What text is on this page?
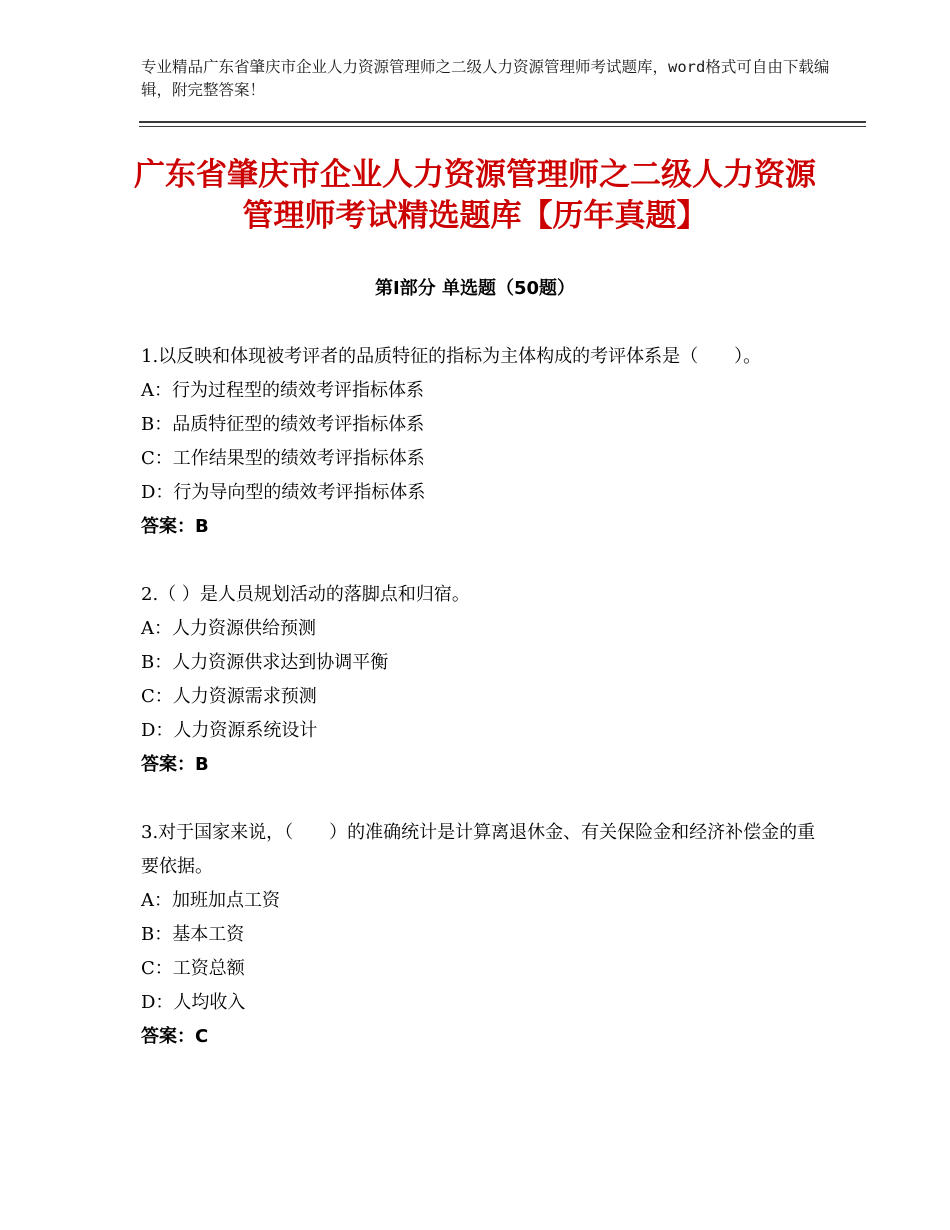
专业精品广东省肇庆市企业人力资源管理师之二级人力资源管理师考试题库，word格式可自由下载编辑，附完整答案！
广东省肇庆市企业人力资源管理师之二级人力资源管理师考试精选题库【历年真题】
第Ⅰ部分 单选题（50题）

1.以反映和体现被考评者的品质特征的指标为主体构成的考评体系是（　　）。

A：行为过程型的绩效考评指标体系

B：品质特征型的绩效考评指标体系

C：工作结果型的绩效考评指标体系

D：行为导向型的绩效考评指标体系

答案：B

2.（ ）是人员规划活动的落脚点和归宿。

A：人力资源供给预测

B：人力资源供求达到协调平衡

C：人力资源需求预测

D：人力资源系统设计

答案：B

3.对于国家来说，（　　）的准确统计是计算离退休金、有关保险金和经济补偿金的重要依据。

A：加班加点工资

B：基本工资

C：工资总额

D：人均收入

答案：C
